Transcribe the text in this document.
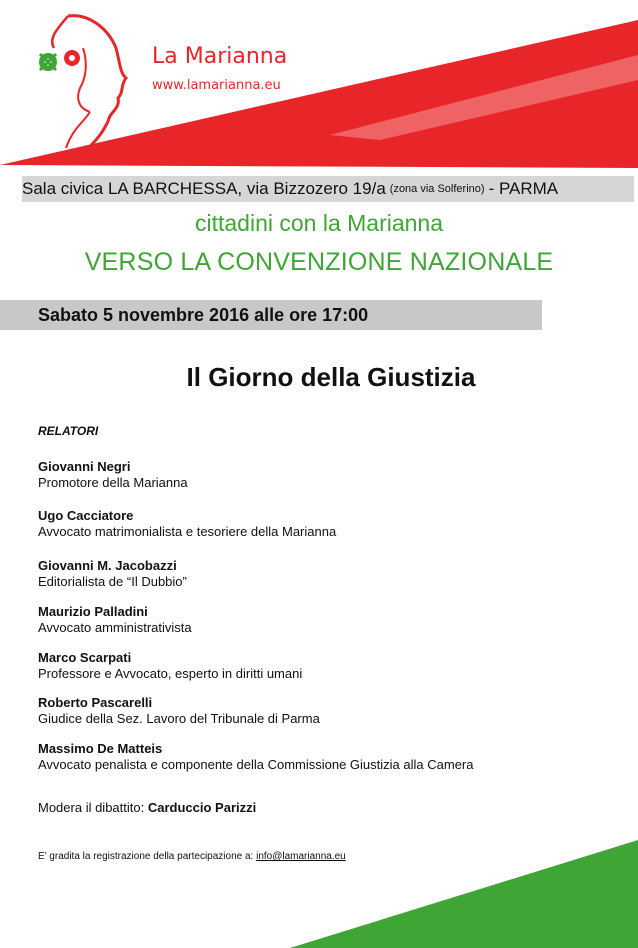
La Marianna
www.lamarianna.eu
Sala civica LA BARCHESSA, via Bizzozero 19/a (zona via Solferino) - PARMA
cittadini con la Marianna
VERSO LA CONVENZIONE NAZIONALE
Sabato 5 novembre 2016 alle ore 17:00
Il Giorno della Giustizia
RELATORI
Giovanni Negri
Promotore della Marianna
Ugo Cacciatore
Avvocato matrimonialista e tesoriere della Marianna
Giovanni M. Jacobazzi
Editorialista de “Il Dubbio”
Maurizio Palladini
Avvocato amministrativista
Marco Scarpati
Professore e Avvocato, esperto in diritti umani
Roberto Pascarelli
Giudice della Sez. Lavoro del Tribunale di Parma
Massimo De Matteis
Avvocato penalista e componente della Commissione Giustizia alla Camera
Modera il dibattito: Carduccio Parizzi
E’ gradita la registrazione della partecipazione a: info@lamarianna.eu
